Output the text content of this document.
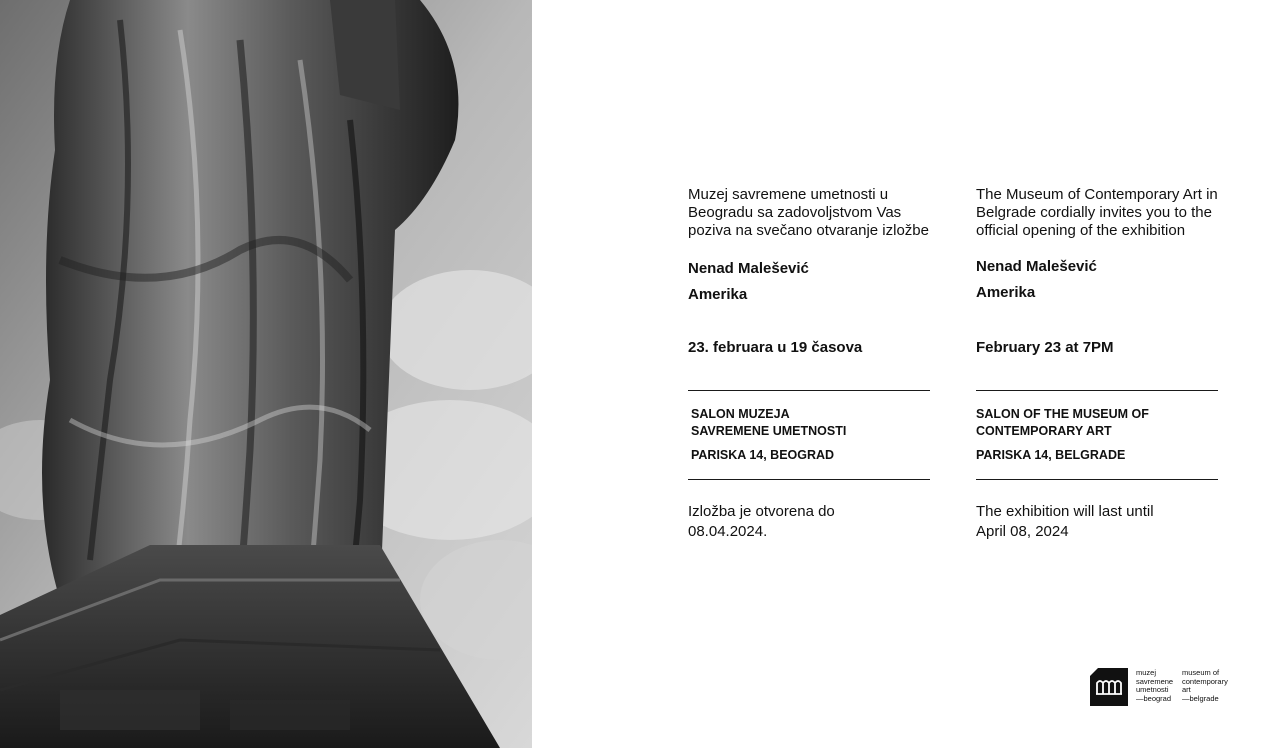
Muzej savremene umetnosti u Beogradu sa zadovoljstvom Vas poziva na svečano otvaranje izložbe

Nenad Malešević
Amerika
23. februara u 19 časova
SALON MUZEJA
SAVREMENE UMETNOSTI
PARISKA 14, BEOGRAD
Izložba je otvorena do
08.04.2024.

The Museum of Contemporary Art in Belgrade cordially invites you to the official opening of the exhibition

Nenad Malešević
Amerika
February 23 at 7PM
SALON OF THE MUSEUM OF
CONTEMPORARY ART
PARISKA 14, BELGRADE
The exhibition will last until
April 08, 2024
muzej
savremene
umetnosti
—beograd
museum of
contemporary
art
—belgrade
